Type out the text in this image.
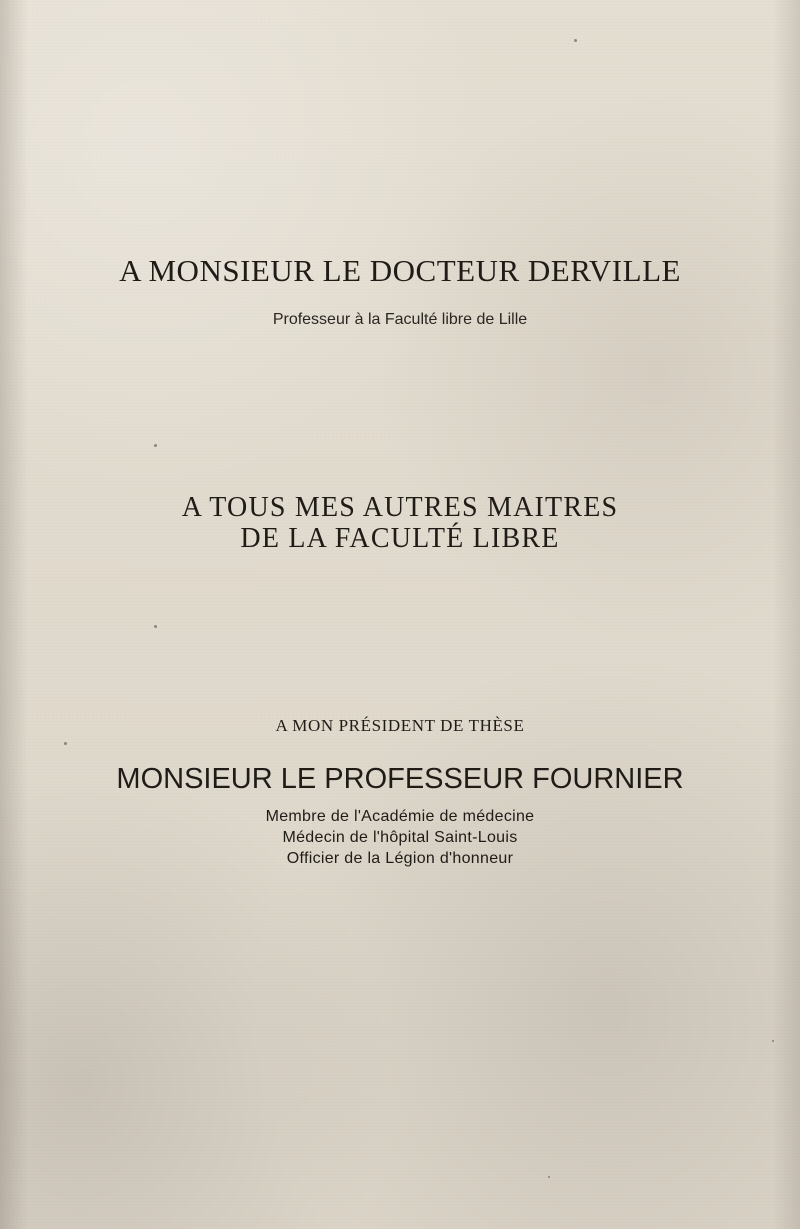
A MONSIEUR LE DOCTEUR DERVILLE
Professeur à la Faculté libre de Lille
A TOUS MES AUTRES MAITRES
DE LA FACULTÉ LIBRE
A MON PRÉSIDENT DE THÈSE
MONSIEUR LE PROFESSEUR FOURNIER
Membre de l'Académie de médecine
Médecin de l'hôpital Saint-Louis
Officier de la Légion d'honneur
